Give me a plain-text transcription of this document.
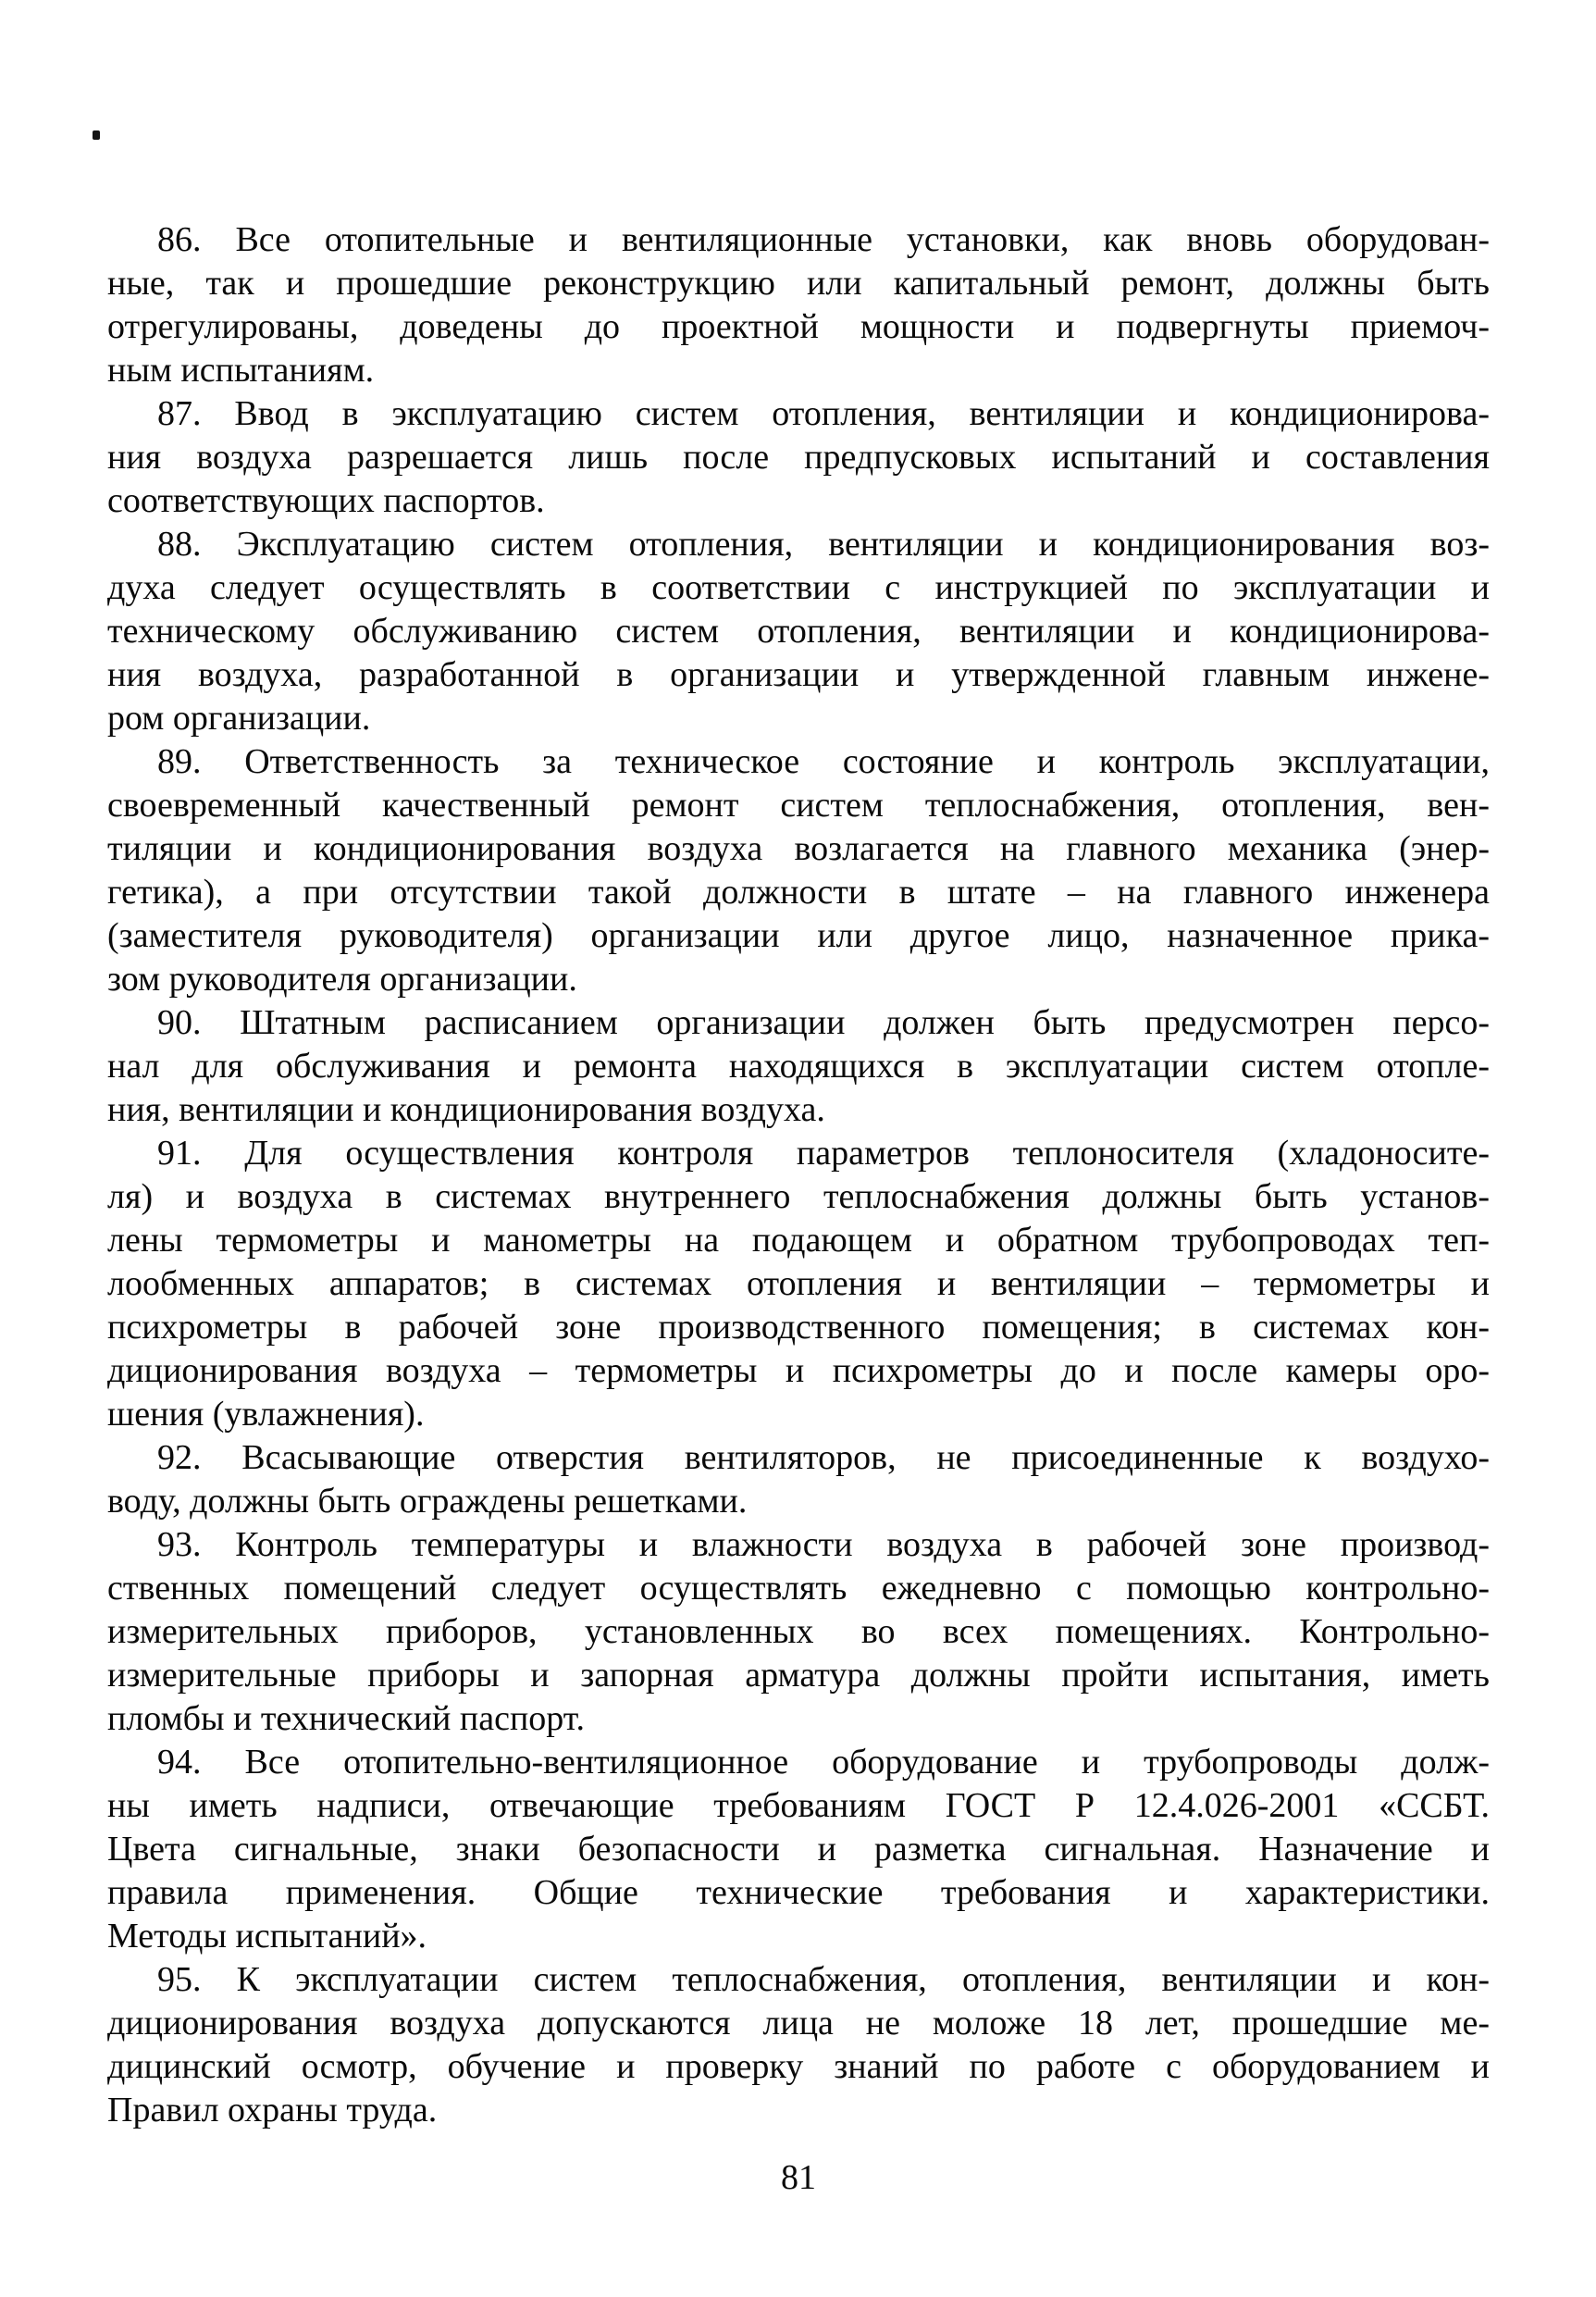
86. Все отопительные и вентиляционные установки, как вновь оборудован-
ные, так и прошедшие реконструкцию или капитальный ремонт, должны быть
отрегулированы, доведены до проектной мощности и подвергнуты приемоч-
ным испытаниям.

87. Ввод в эксплуатацию систем отопления, вентиляции и кондиционирова-
ния воздуха разрешается лишь после предпусковых испытаний и составления
соответствующих паспортов.

88. Эксплуатацию систем отопления, вентиляции и кондиционирования воз-
духа следует осуществлять в соответствии с инструкцией по эксплуатации и
техническому обслуживанию систем отопления, вентиляции и кондиционирова-
ния воздуха, разработанной в организации и утвержденной главным инжене-
ром организации.

89. Ответственность за техническое состояние и контроль эксплуатации,
своевременный качественный ремонт систем теплоснабжения, отопления, вен-
тиляции и кондиционирования воздуха возлагается на главного механика (энер-
гетика), а при отсутствии такой должности в штате – на главного инженера
(заместителя руководителя) организации или другое лицо, назначенное прика-
зом руководителя организации.

90. Штатным расписанием организации должен быть предусмотрен персо-
нал для обслуживания и ремонта находящихся в эксплуатации систем отопле-
ния, вентиляции и кондиционирования воздуха.

91. Для осуществления контроля параметров теплоносителя (хладоносите-
ля) и воздуха в системах внутреннего теплоснабжения должны быть установ-
лены термометры и манометры на подающем и обратном трубопроводах теп-
лообменных аппаратов; в системах отопления и вентиляции – термометры и
психрометры в рабочей зоне производственного помещения; в системах кон-
диционирования воздуха – термометры и психрометры до и после камеры оро-
шения (увлажнения).

92. Всасывающие отверстия вентиляторов, не присоединенные к воздухо-
воду, должны быть ограждены решетками.

93. Контроль температуры и влажности воздуха в рабочей зоне производ-
ственных помещений следует осуществлять ежедневно с помощью контрольно-
измерительных приборов, установленных во всех помещениях. Контрольно-
измерительные приборы и запорная арматура должны пройти испытания, иметь
пломбы и технический паспорт.

94. Все отопительно-вентиляционное оборудование и трубопроводы долж-
ны иметь надписи, отвечающие требованиям ГОСТ Р 12.4.026-2001 «ССБТ.
Цвета сигнальные, знаки безопасности и разметка сигнальная. Назначение и
правила применения. Общие технические требования и характеристики.
Методы испытаний».

95. К эксплуатации систем теплоснабжения, отопления, вентиляции и кон-
диционирования воздуха допускаются лица не моложе 18 лет, прошедшие ме-
дицинский осмотр, обучение и проверку знаний по работе с оборудованием и
Правил охраны труда.

81
